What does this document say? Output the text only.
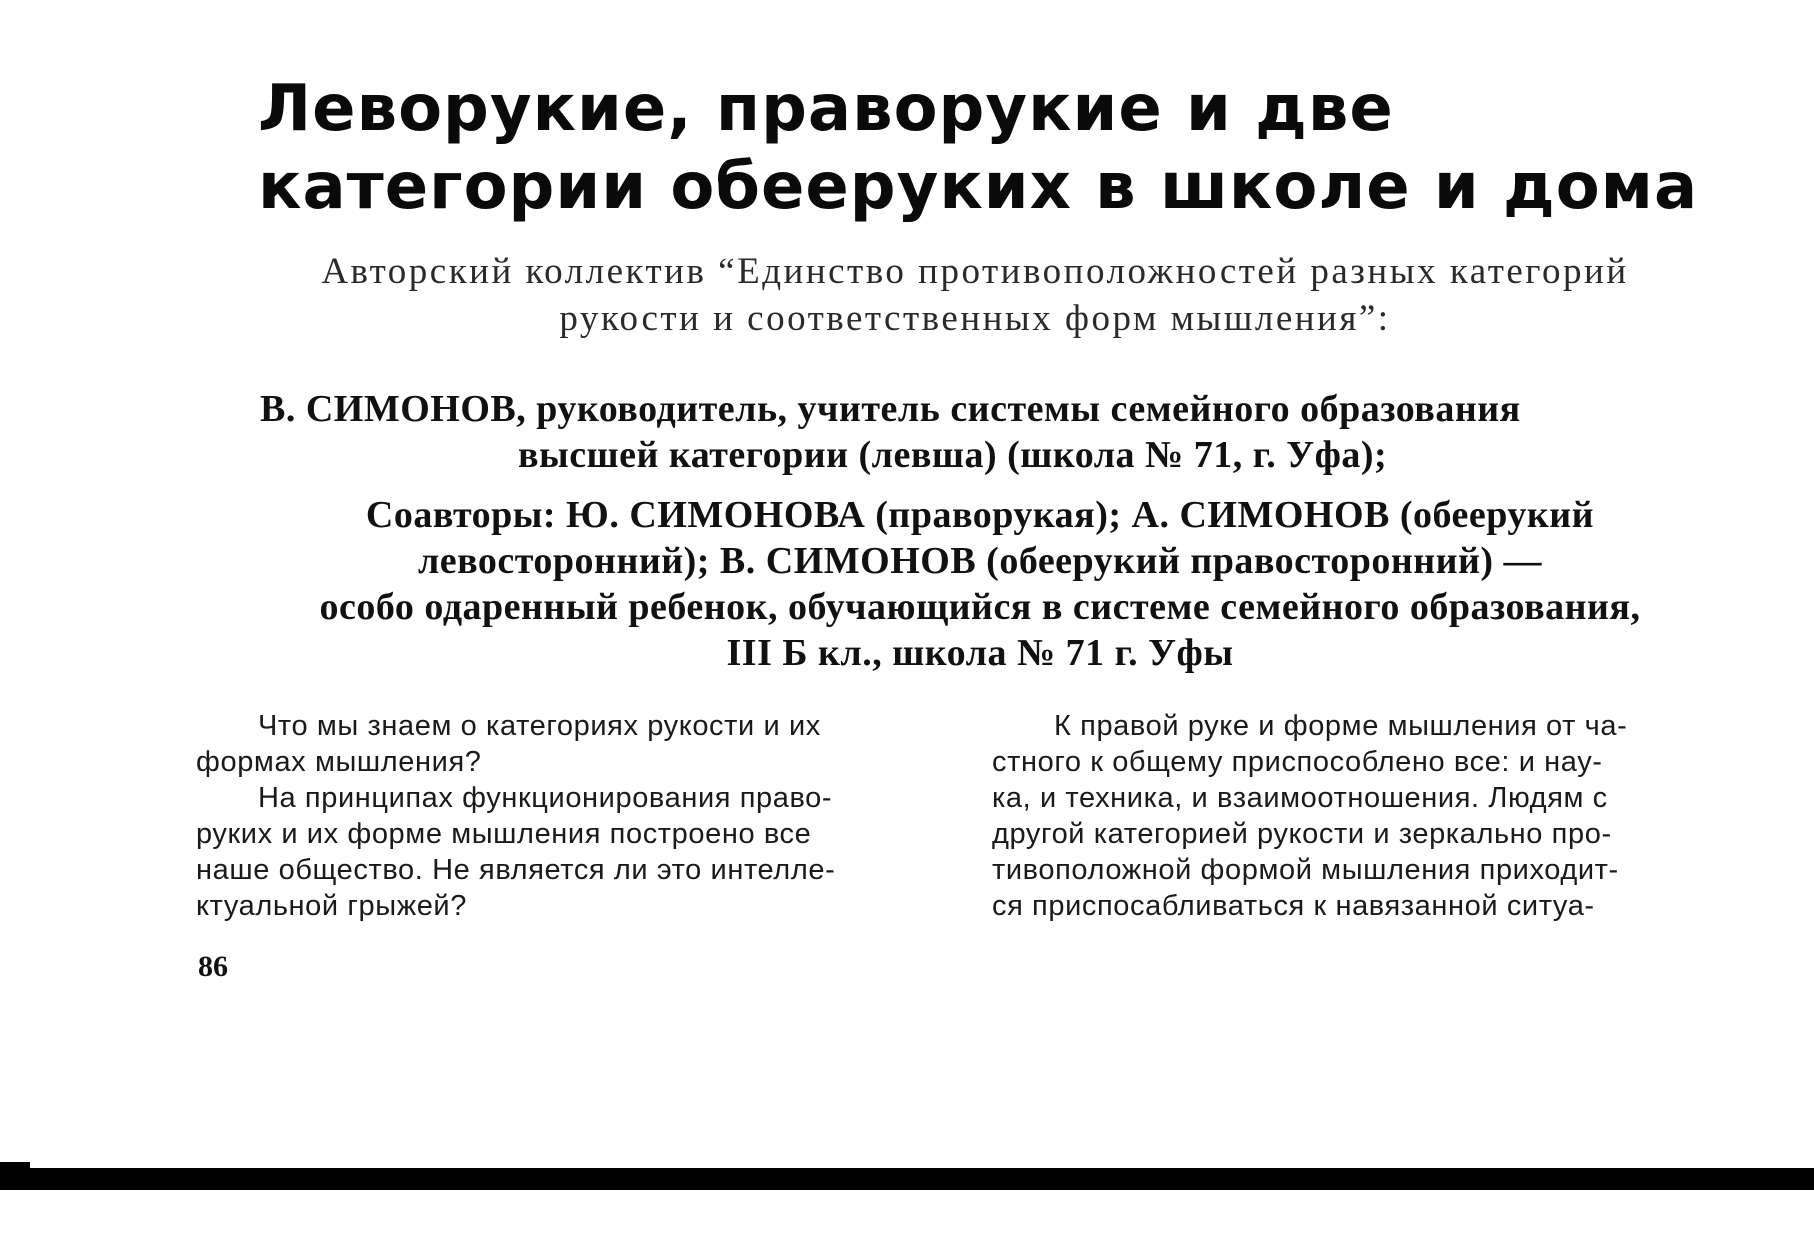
Леворукие, праворукие и две
категории обееруких в школе и дома
Авторский коллектив “Единство противоположностей разных категорий
рукости и соответственных форм мышления”:
В. СИМОНОВ, руководитель, учитель системы семейного образования
высшей категории (левша) (школа № 71, г. Уфа);
Соавторы: Ю. СИМОНОВА (праворукая); А. СИМОНОВ (обеерукий
левосторонний); В. СИМОНОВ (обеерукий правосторонний) —
особо одаренный ребенок, обучающийся в системе семейного образования,
III Б кл., школа № 71 г. Уфы

Что мы знаем о категориях рукости и их
формах мышления?

На принципах функционирования право-
руких и их форме мышления построено все
наше общество. Не является ли это интелле-
ктуальной грыжей?

К правой руке и форме мышления от ча-
стного к общему приспособлено все: и нау-
ка, и техника, и взаимоотношения. Людям с
другой категорией рукости и зеркально про-
тивоположной формой мышления приходит-
ся приспосабливаться к навязанной ситуа-

86
